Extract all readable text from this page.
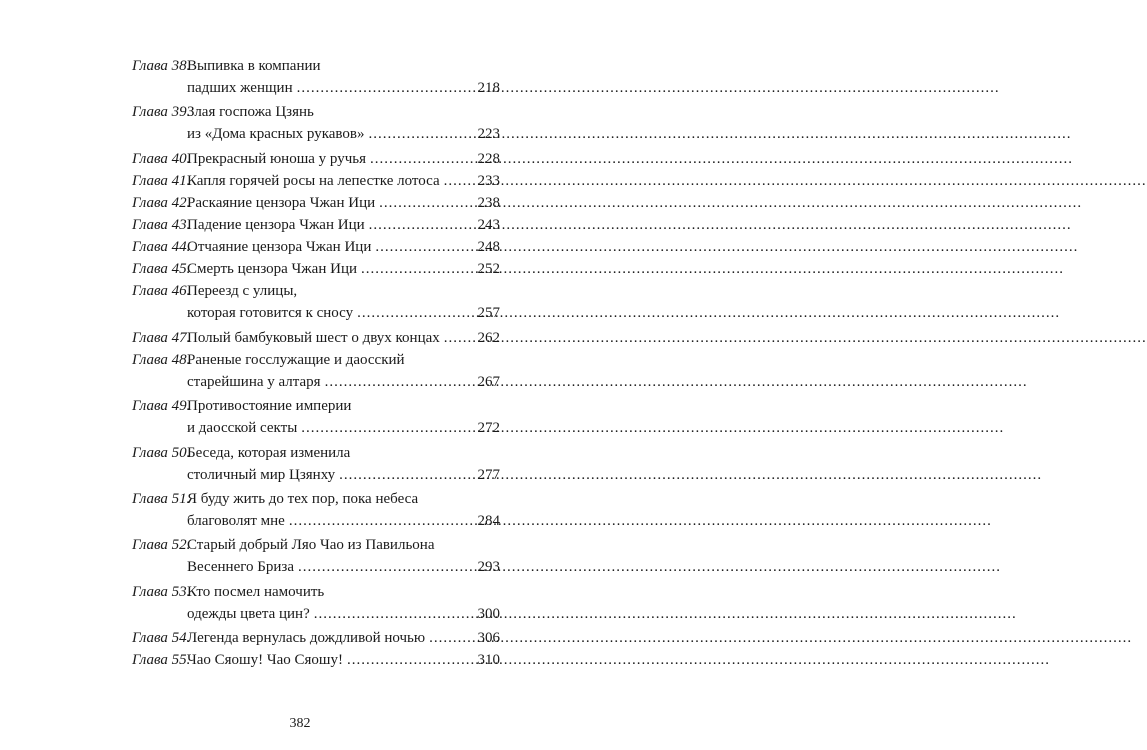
Глава 38.
Выпивка в компании
падших женщин .....	218
Глава 39.
Злая госпожа Цзянь
из «Дома красных рукавов» .....	223
Глава 40.
Прекрасный юноша у ручья .....	228
Глава 41.
Капля горячей росы на лепестке лотоса .....	233
Глава 42.
Раскаяние цензора Чжан Ици .....	238
Глава 43.
Падение цензора Чжан Ици .....	243
Глава 44.
Отчаяние цензора Чжан Ици .....	248
Глава 45.
Смерть цензора Чжан Ици .....	252
Глава 46.
Переезд с улицы,
которая готовится к сносу .....	257
Глава 47.
Полый бамбуковый шест о двух концах .....	262
Глава 48.
Раненые госслужащие и даосский
старейшина у алтаря .....	267
Глава 49.
Противостояние империи
и даосской секты .....	272
Глава 50.
Беседа, которая изменила
столичный мир Цзянху .....	277
Глава 51.
Я буду жить до тех пор, пока небеса
благоволят мне .....	284
Глава 52.
Старый добрый Ляо Чао из Павильона
Весеннего Бриза .....	293
Глава 53.
Кто посмел намочить
одежды цвета цин? .....	300
Глава 54.
Легенда вернулась дождливой ночью .....	306
Глава 55.
Чао Сяошу! Чао Сяошу! .....	310
382
